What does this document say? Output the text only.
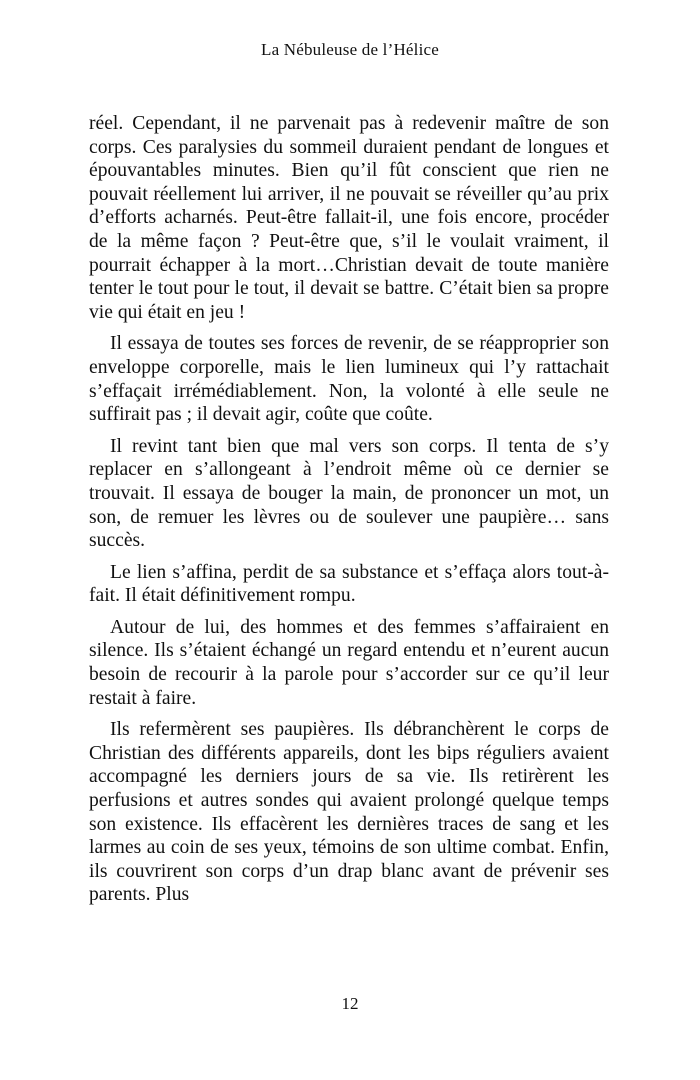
La Nébuleuse de l’Hélice

réel. Cependant, il ne parvenait pas à redevenir maître de son corps. Ces paralysies du sommeil duraient pendant de longues et épouvantables minutes. Bien qu’il fût conscient que rien ne pouvait réellement lui arriver, il ne pouvait se réveiller qu’au prix d’efforts acharnés. Peut-être fallait-il, une fois encore, procéder de la même façon ? Peut-être que, s’il le voulait vraiment, il pourrait échapper à la mort…Christian devait de toute manière tenter le tout pour le tout, il devait se battre. C’était bien sa propre vie qui était en jeu !

Il essaya de toutes ses forces de revenir, de se réapproprier son enveloppe corporelle, mais le lien lumineux qui l’y rattachait s’effaçait irrémédiablement. Non, la volonté à elle seule ne suffirait pas ; il devait agir, coûte que coûte.

Il revint tant bien que mal vers son corps. Il tenta de s’y replacer en s’allongeant à l’endroit même où ce dernier se trouvait. Il essaya de bouger la main, de prononcer un mot, un son, de remuer les lèvres ou de soulever une paupière… sans succès.

Le lien s’affina, perdit de sa substance et s’effaça alors tout-à-fait. Il était définitivement rompu.

Autour de lui, des hommes et des femmes s’affairaient en silence. Ils s’étaient échangé un regard entendu et n’eurent aucun besoin de recourir à la parole pour s’accorder sur ce qu’il leur restait à faire.

Ils refermèrent ses paupières. Ils débranchèrent le corps de Christian des différents appareils, dont les bips réguliers avaient accompagné les derniers jours de sa vie. Ils retirèrent les perfusions et autres sondes qui avaient prolongé quelque temps son existence. Ils effacèrent les dernières traces de sang et les larmes au coin de ses yeux, témoins de son ultime combat. Enfin, ils couvrirent son corps d’un drap blanc avant de prévenir ses parents. Plus

12
